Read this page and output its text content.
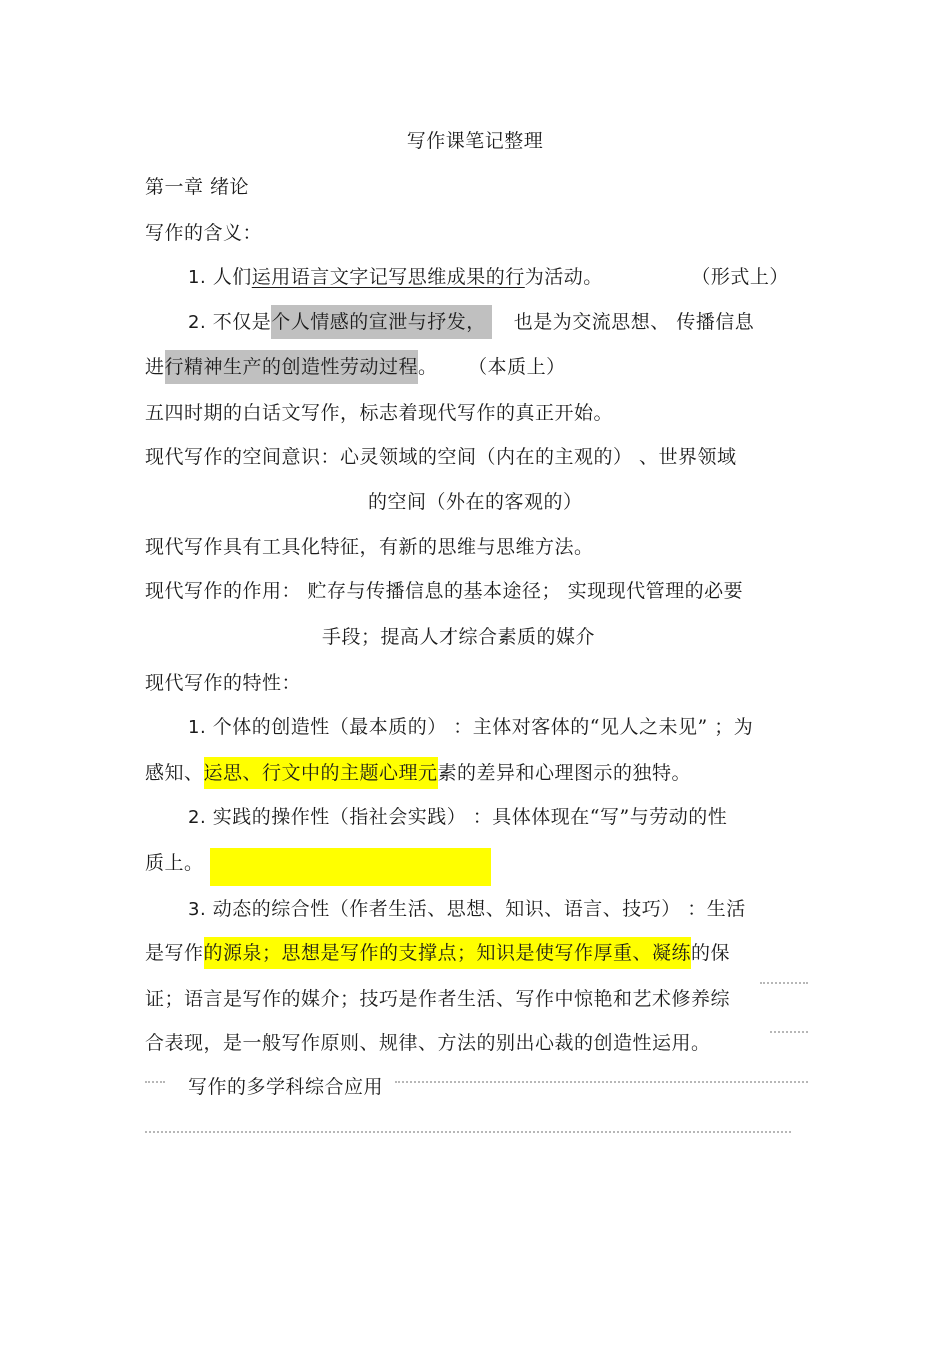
写作课笔记整理
第一章 绪论
写作的含义：
1. 人们运用语言文字记写思维成果的行为活动。	（形式上）
2. 不仅是个人情感的宣泄与抒发， 也是为交流思想、 传播信息
进行精神生产的创造性劳动过程。 （本质上）
五四时期的白话文写作，标志着现代写作的真正开始。
现代写作的空间意识：心灵领域的空间（内在的主观的） 、世界领域
的空间（外在的客观的）
现代写作具有工具化特征，有新的思维与思维方法。
现代写作的作用： 贮存与传播信息的基本途径； 实现现代管理的必要
手段；提高人才综合素质的媒介
现代写作的特性：
1. 个体的创造性（最本质的） ：主体对客体的“见人之未见” ；为
感知、运思、行文中的主题心理元素的差异和心理图示的独特。
2. 实践的操作性（指社会实践） ：具体体现在“写”与劳动的性
质上。
3. 动态的综合性（作者生活、思想、知识、语言、技巧） ：生活
是写作的源泉；思想是写作的支撑点；知识是使写作厚重、凝练的保
证；语言是写作的媒介；技巧是作者生活、写作中惊艳和艺术修养综
合表现，是一般写作原则、规律、方法的别出心裁的创造性运用。
写作的多学科综合应用
